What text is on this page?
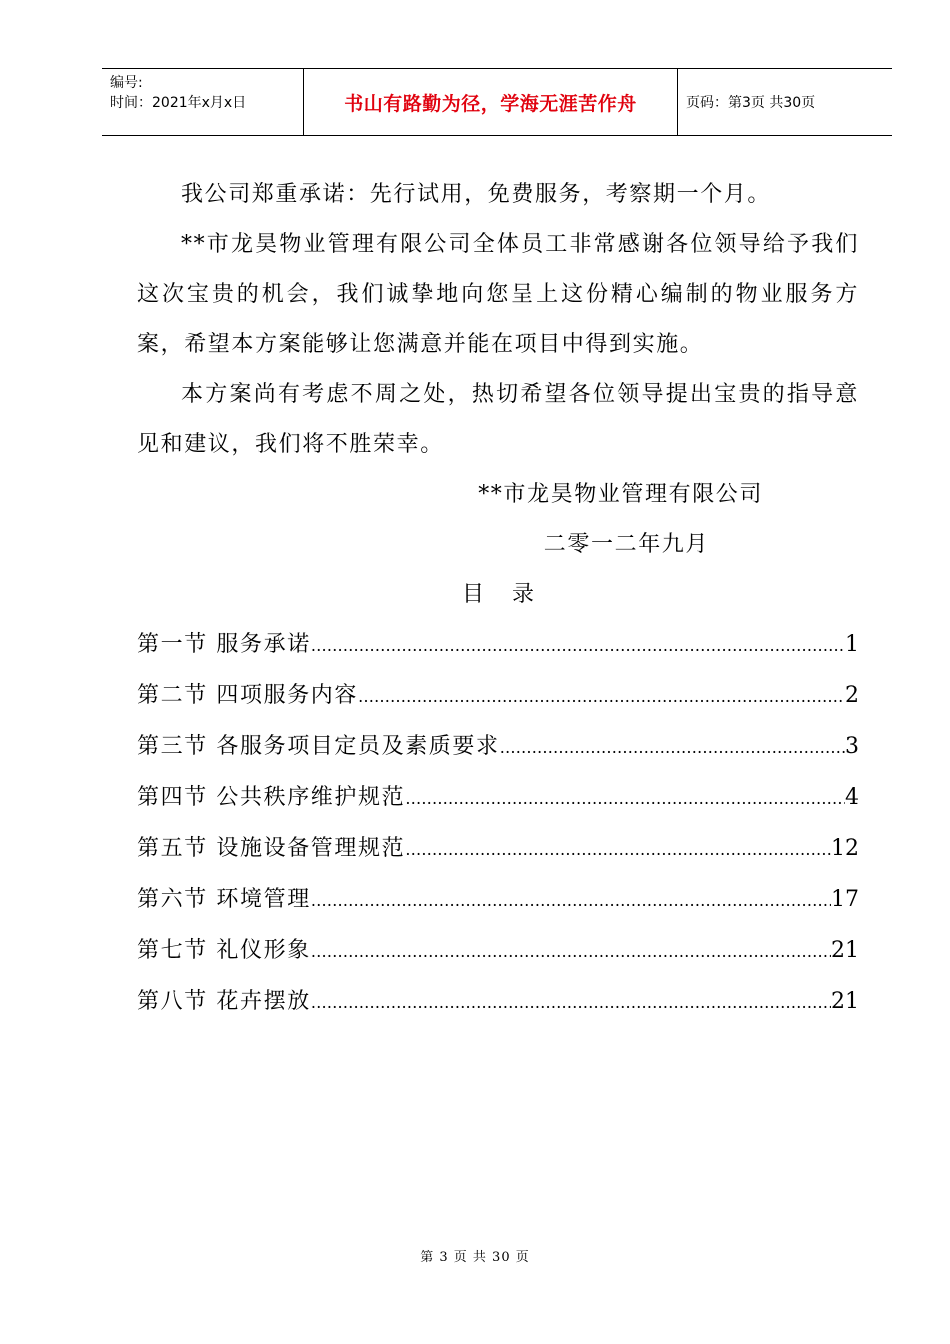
编号:
时间：2021年x月x日	书山有路勤为径，学海无涯苦作舟	页码：第3页 共30页

我公司郑重承诺：先行试用，免费服务，考察期一个月。

**市龙昊物业管理有限公司全体员工非常感谢各位领导给予我们这次宝贵的机会，我们诚挚地向您呈上这份精心编制的物业服务方案，希望本方案能够让您满意并能在项目中得到实施。

本方案尚有考虑不周之处，热切希望各位领导提出宝贵的指导意见和建议，我们将不胜荣幸。

**市龙昊物业管理有限公司

二零一二年九月

目录

第一节 服务承诺 ………………………………………………………………………………………………………………………………………………	1
第二节 四项服务内容 ………………………………………………………………………………………………………………………………………………	2
第三节 各服务项目定员及素质要求 ………………………………………………………………………………………………………………………………………………	3
第四节 公共秩序维护规范 ………………………………………………………………………………………………………………………………………………	4
第五节 设施设备管理规范 ………………………………………………………………………………………………………………………………………………	12
第六节 环境管理 ………………………………………………………………………………………………………………………………………………	17
第七节 礼仪形象 ………………………………………………………………………………………………………………………………………………	21
第八节 花卉摆放 ………………………………………………………………………………………………………………………………………………	21
第 3 页 共 30 页
